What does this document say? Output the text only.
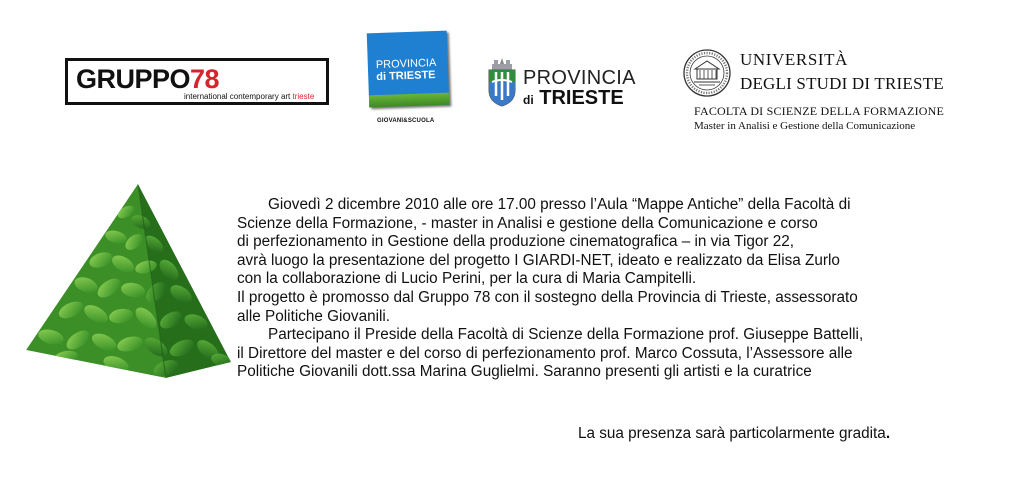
GRUPPO78
international contemporary art trieste
PROVINCIA
di TRIESTE
GIOVANI&SCUOLA
PROVINCIA
di TRIESTE
UNIVERSITÀ
DEGLI STUDI DI TRIESTE
FACOLTA DI SCIENZE DELLA FORMAZIONE
Master in Analisi e Gestione della Comunicazione

Giovedì 2 dicembre 2010 alle ore 17.00 presso l’Aula “Mappe Antiche” della Facoltà di

Scienze della Formazione, - master in Analisi e gestione della Comunicazione e corso

di perfezionamento in Gestione della produzione cinematografica – in via Tigor 22,

avrà luogo la presentazione del progetto I GIARDI-NET, ideato e realizzato da Elisa Zurlo

con la collaborazione di Lucio Perini, per la cura di Maria Campitelli.

Il progetto è promosso dal Gruppo 78 con il sostegno della Provincia di Trieste, assessorato

alle Politiche Giovanili.

Partecipano il Preside della Facoltà di Scienze della Formazione prof. Giuseppe Battelli,

il Direttore del master e del corso di perfezionamento prof. Marco Cossuta, l’Assessore alle

Politiche Giovanili dott.ssa Marina Guglielmi. Saranno presenti gli artisti e la curatrice

La sua presenza sarà particolarmente gradita.
